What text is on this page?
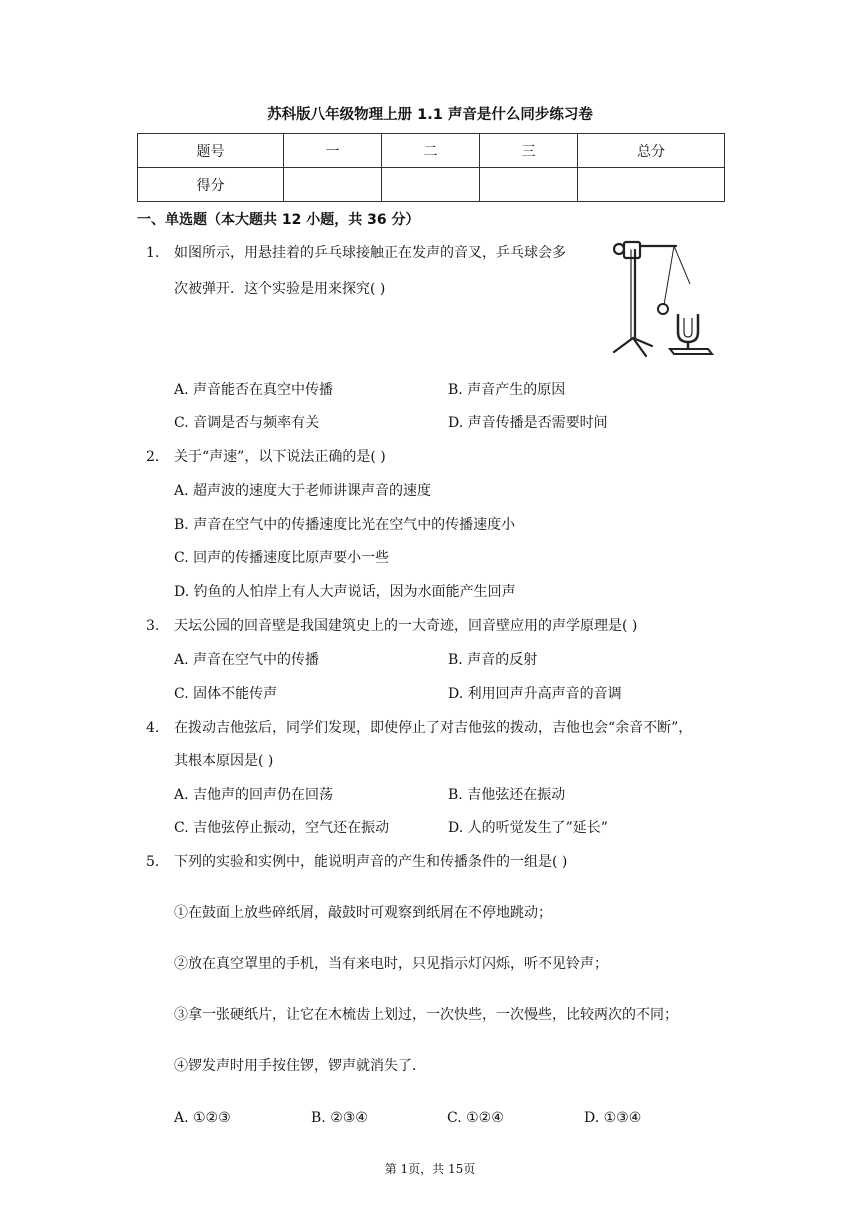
苏科版八年级物理上册 1.1 声音是什么同步练习卷
题号	一	二	三	总分
得分				
一、单选题（本大题共 12 小题，共 36 分）
1. 如图所示，用悬挂着的乒乓球接触正在发声的音叉，乒乓球会多
次被弹开．这个实验是用来探究( )
A. 声音能否在真空中传播	B. 声音产生的原因
C. 音调是否与频率有关	D. 声音传播是否需要时间
2. 关于“声速”，以下说法正确的是( )
A. 超声波的速度大于老师讲课声音的速度
B. 声音在空气中的传播速度比光在空气中的传播速度小
C. 回声的传播速度比原声要小一些
D. 钓鱼的人怕岸上有人大声说话，因为水面能产生回声
3. 天坛公园的回音壁是我国建筑史上的一大奇迹，回音壁应用的声学原理是( )
A. 声音在空气中的传播	B. 声音的反射
C. 固体不能传声	D. 利用回声升高声音的音调
4. 在拨动吉他弦后，同学们发现，即使停止了对吉他弦的拨动，吉他也会“余音不断”，
其根本原因是( )
A. 吉他声的回声仍在回荡	B. 吉他弦还在振动
C. 吉他弦停止振动，空气还在振动	D. 人的听觉发生了”延长”
5. 下列的实验和实例中，能说明声音的产生和传播条件的一组是( )
①在鼓面上放些碎纸屑，敲鼓时可观察到纸屑在不停地跳动；
②放在真空罩里的手机，当有来电时，只见指示灯闪烁，听不见铃声；
③拿一张硬纸片，让它在木梳齿上划过，一次快些，一次慢些，比较两次的不同；
④锣发声时用手按住锣，锣声就消失了．
A. ①②③	B. ②③④	C. ①②④	D. ①③④
第 1页，共 15页
